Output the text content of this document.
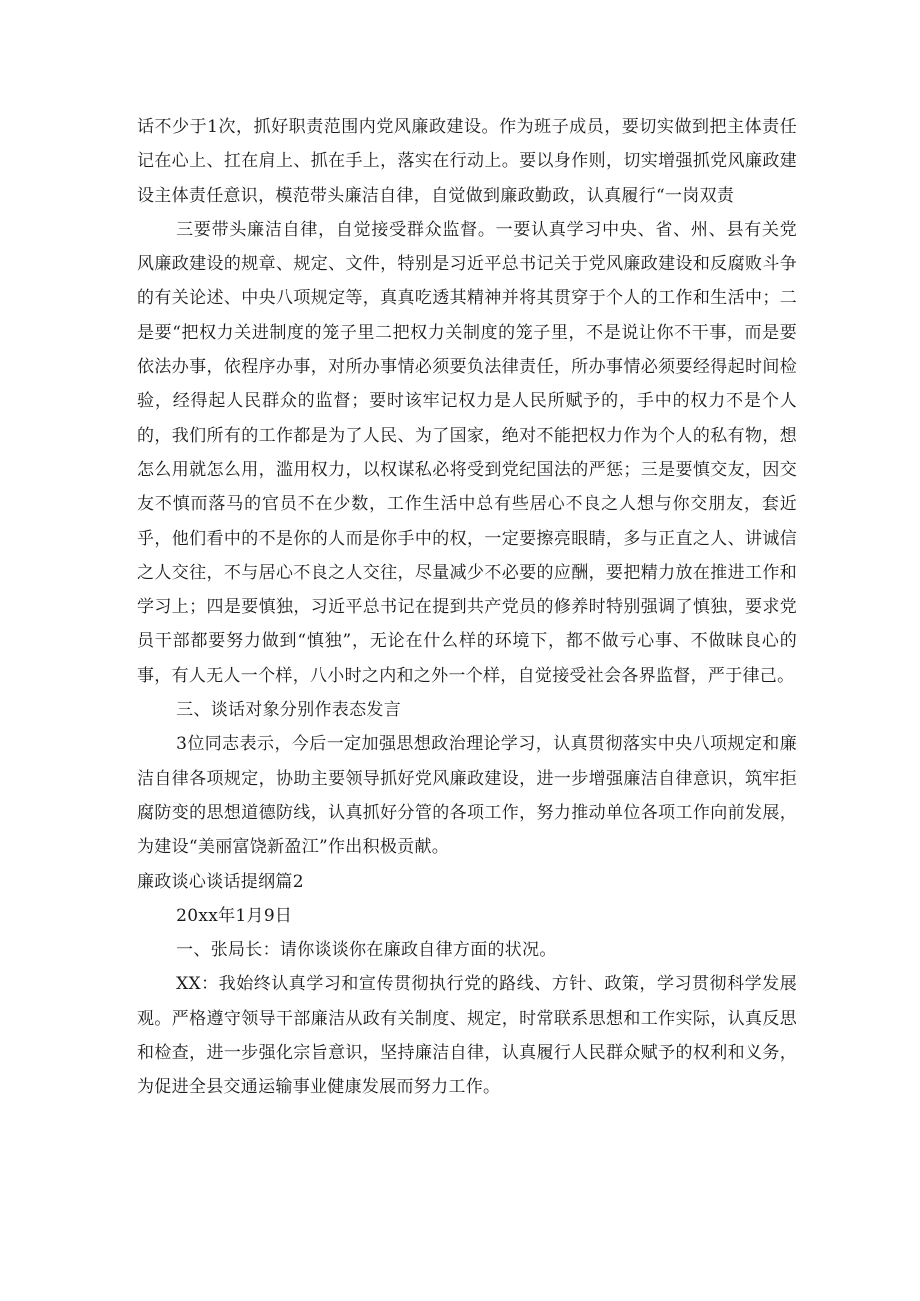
话不少于1次，抓好职责范围内党风廉政建设。作为班子成员，要切实做到把主体责任记在心上、扛在肩上、抓在手上，落实在行动上。要以身作则，切实增强抓党风廉政建设主体责任意识，模范带头廉洁自律，自觉做到廉政勤政，认真履行“一岗双责

三要带头廉洁自律，自觉接受群众监督。一要认真学习中央、省、州、县有关党风廉政建设的规章、规定、文件，特别是习近平总书记关于党风廉政建设和反腐败斗争的有关论述、中央八项规定等，真真吃透其精神并将其贯穿于个人的工作和生活中；二是要“把权力关进制度的笼子里二把权力关制度的笼子里，不是说让你不干事，而是要依法办事，依程序办事，对所办事情必须要负法律责任，所办事情必须要经得起时间检验，经得起人民群众的监督；要时该牢记权力是人民所赋予的，手中的权力不是个人的，我们所有的工作都是为了人民、为了国家，绝对不能把权力作为个人的私有物，想怎么用就怎么用，滥用权力，以权谋私必将受到党纪国法的严惩；三是要慎交友，因交友不慎而落马的官员不在少数，工作生活中总有些居心不良之人想与你交朋友，套近乎，他们看中的不是你的人而是你手中的权，一定要擦亮眼睛，多与正直之人、讲诚信之人交往，不与居心不良之人交往，尽量减少不必要的应酬，要把精力放在推进工作和学习上；四是要慎独，习近平总书记在提到共产党员的修养时特别强调了慎独，要求党员干部都要努力做到“慎独”，无论在什么样的环境下，都不做亏心事、不做昧良心的事，有人无人一个样，八小时之内和之外一个样，自觉接受社会各界监督，严于律己。

三、谈话对象分别作表态发言

3位同志表示，今后一定加强思想政治理论学习，认真贯彻落实中央八项规定和廉洁自律各项规定，协助主要领导抓好党风廉政建设，进一步增强廉洁自律意识，筑牢拒腐防变的思想道德防线，认真抓好分管的各项工作，努力推动单位各项工作向前发展，为建设“美丽富饶新盈江”作出积极贡献。

廉政谈心谈话提纲篇2

20xx年1月9日

一、张局长：请你谈谈你在廉政自律方面的状况。

XX：我始终认真学习和宣传贯彻执行党的路线、方针、政策，学习贯彻科学发展观。严格遵守领导干部廉洁从政有关制度、规定，时常联系思想和工作实际，认真反思和检查，进一步强化宗旨意识，坚持廉洁自律，认真履行人民群众赋予的权利和义务，为促进全县交通运输事业健康发展而努力工作。
